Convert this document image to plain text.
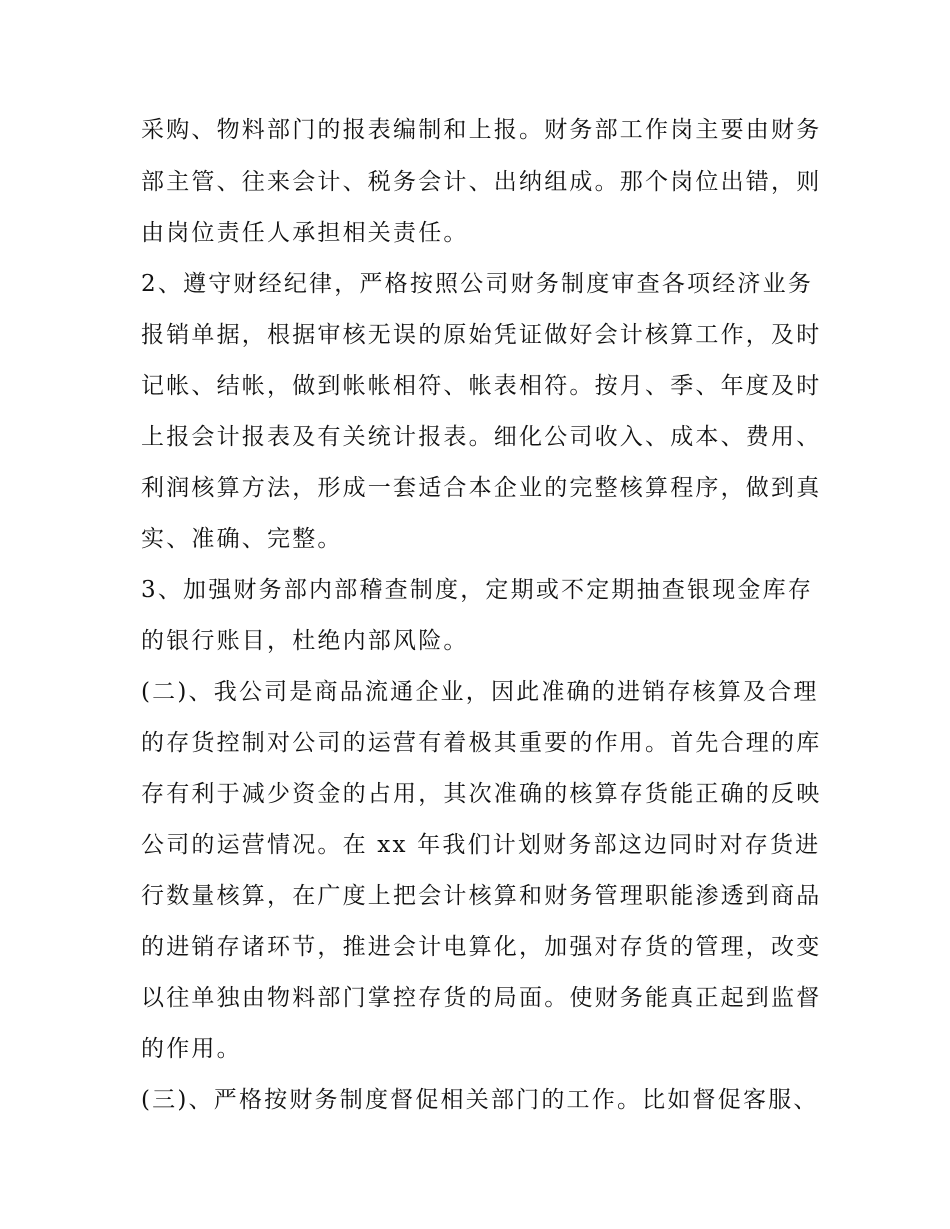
采购、物料部门的报表编制和上报。财务部工作岗主要由财务
部主管、往来会计、税务会计、出纳组成。那个岗位出错，则
由岗位责任人承担相关责任。
2、遵守财经纪律，严格按照公司财务制度审查各项经济业务
报销单据，根据审核无误的原始凭证做好会计核算工作，及时
记帐、结帐，做到帐帐相符、帐表相符。按月、季、年度及时
上报会计报表及有关统计报表。细化公司收入、成本、费用、
利润核算方法，形成一套适合本企业的完整核算程序，做到真
实、准确、完整。
3、加强财务部内部稽查制度，定期或不定期抽查银现金库存
的银行账目，杜绝内部风险。
(二)、我公司是商品流通企业，因此准确的进销存核算及合理
的存货控制对公司的运营有着极其重要的作用。首先合理的库
存有利于减少资金的占用，其次准确的核算存货能正确的反映
公司的运营情况。在 xx 年我们计划财务部这边同时对存货进
行数量核算，在广度上把会计核算和财务管理职能渗透到商品
的进销存诸环节，推进会计电算化，加强对存货的管理，改变
以往单独由物料部门掌控存货的局面。使财务能真正起到监督
的作用。
(三)、严格按财务制度督促相关部门的工作。比如督促客服、
